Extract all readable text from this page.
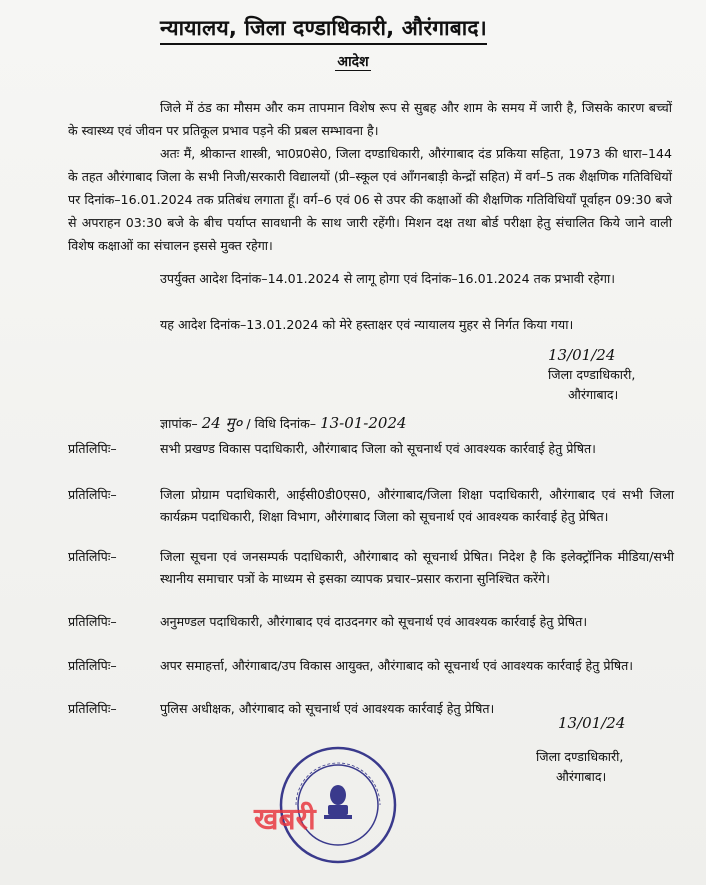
न्यायालय, जिला दण्डाधिकारी, औरंगाबाद।
आदेश

जिले में ठंड का मौसम और कम तापमान विशेष रूप से सुबह और शाम के समय में जारी है, जिसके कारण बच्चों के स्वास्थ्य एवं जीवन पर प्रतिकूल प्रभाव पड़ने की प्रबल सम्भावना है।

अतः मैं, श्रीकान्त शास्त्री, भा0प्र0से0, जिला दण्डाधिकारी, औरंगाबाद दंड प्रकिया सहिता, 1973 की धारा–144 के तहत औरंगाबाद जिला के सभी निजी/सरकारी विद्यालयों (प्री–स्कूल एवं आँगनबाड़ी केन्द्रों सहित) में वर्ग–5 तक शैक्षणिक गतिविधियों पर दिनांक–16.01.2024 तक प्रतिबंध लगाता हूँ। वर्ग–6 एवं 06 से उपर की कक्षाओं की शैक्षणिक गतिविधियाँ पूर्वाहन 09:30 बजे से अपराहन 03:30 बजे के बीच पर्याप्त सावधानी के साथ जारी रहेंगी। मिशन दक्ष तथा बोर्ड परीक्षा हेतु संचालित किये जाने वाली विशेष कक्षाओं का संचालन इससे मुक्त रहेगा।

उपर्युक्त आदेश दिनांक–14.01.2024 से लागू होगा एवं दिनांक–16.01.2024 तक प्रभावी रहेगा।

यह आदेश दिनांक–13.01.2024 को मेरे हस्ताक्षर एवं न्यायालय मुहर से निर्गत किया गया।

13/01/24
जिला दण्डाधिकारी,
औरंगाबाद।
ज्ञापांक– 24 मु० / विधि दिनांक– 13-01-2024
प्रतिलिपिः–	सभी प्रखण्ड विकास पदाधिकारी, औरंगाबाद जिला को सूचनार्थ एवं आवश्यक कार्रवाई हेतु प्रेषित।
प्रतिलिपिः–	जिला प्रोग्राम पदाधिकारी, आईसी0डी0एस0, औरंगाबाद/जिला शिक्षा पदाधिकारी, औरंगाबाद एवं सभी जिला कार्यक्रम पदाधिकारी, शिक्षा विभाग, औरंगाबाद जिला को सूचनार्थ एवं आवश्यक कार्रवाई हेतु प्रेषित।
प्रतिलिपिः–	जिला सूचना एवं जनसम्पर्क पदाधिकारी, औरंगाबाद को सूचनार्थ प्रेषित। निदेश है कि इलेक्ट्रॉनिक मीडिया/सभी स्थानीय समाचार पत्रों के माध्यम से इसका व्यापक प्रचार–प्रसार कराना सुनिश्चित करेंगे।
प्रतिलिपिः–	अनुमण्डल पदाधिकारी, औरंगाबाद एवं दाउदनगर को सूचनार्थ एवं आवश्यक कार्रवाई हेतु प्रेषित।
प्रतिलिपिः–	अपर समाहर्त्ता, औरंगाबाद/उप विकास आयुक्त, औरंगाबाद को सूचनार्थ एवं आवश्यक कार्रवाई हेतु प्रेषित।
प्रतिलिपिः–	पुलिस अधीक्षक, औरंगाबाद को सूचनार्थ एवं आवश्यक कार्रवाई हेतु प्रेषित।
13/01/24
जिला दण्डाधिकारी,
औरंगाबाद।
खबरी
